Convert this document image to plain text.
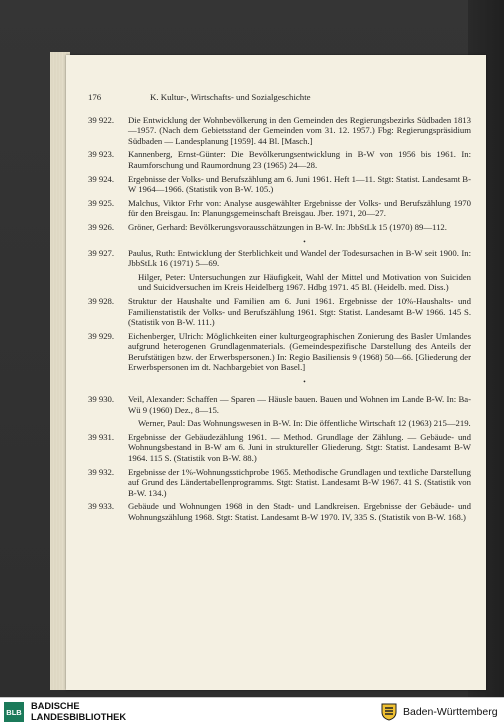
176	K. Kultur-, Wirtschafts- und Sozialgeschichte
39 922.	Die Entwicklung der Wohnbevölkerung in den Gemeinden des Regierungsbezirks Südbaden 1813—1957. (Nach dem Gebietsstand der Gemeinden vom 31. 12. 1957.) Fbg: Regierungspräsidium Südbaden — Landesplanung [1959]. 44 Bl. [Masch.]
39 923.	Kannenberg, Ernst-Günter: Die Bevölkerungsentwicklung in B-W von 1956 bis 1961. In: Raumforschung und Raumordnung 23 (1965) 24—28.
39 924.	Ergebnisse der Volks- und Berufszählung am 6. Juni 1961. Heft 1—11. Stgt: Statist. Landesamt B-W 1964—1966. (Statistik von B-W. 105.)
39 925.	Malchus, Viktor Frhr von: Analyse ausgewählter Ergebnisse der Volks- und Berufszählung 1970 für den Breisgau. In: Planungsgemeinschaft Breisgau. Jber. 1971, 20—27.
39 926.	Gröner, Gerhard: Bevölkerungsvorausschätzungen in B-W. In: JbbStLk 15 (1970) 89—112.
•
39 927.	Paulus, Ruth: Entwicklung der Sterblichkeit und Wandel der Todesursachen in B-W seit 1900. In: JbbStLk 16 (1971) 5—69.
Hilger, Peter: Untersuchungen zur Häufigkeit, Wahl der Mittel und Motivation von Suiciden und Suicidversuchen im Kreis Heidelberg 1967. Hdbg 1971. 45 Bl. (Heidelb. med. Diss.)
39 928.	Struktur der Haushalte und Familien am 6. Juni 1961. Ergebnisse der 10%-Haushalts- und Familienstatistik der Volks- und Berufszählung 1961. Stgt: Statist. Landesamt B-W 1966. 145 S. (Statistik von B-W. 111.)
39 929.	Eichenberger, Ulrich: Möglichkeiten einer kulturgeographischen Zonierung des Basler Umlandes aufgrund heterogenen Grundlagenmaterials. (Gemeindespezifische Darstellung des Anteils der Berufstätigen bzw. der Erwerbspersonen.) In: Regio Basiliensis 9 (1968) 50—66. [Gliederung der Erwerbspersonen im dt. Nachbargebiet von Basel.]
•
39 930.	Veil, Alexander: Schaffen — Sparen — Häusle bauen. Bauen und Wohnen im Lande B-W. In: Ba-Wü 9 (1960) Dez., 8—15.
Werner, Paul: Das Wohnungswesen in B-W. In: Die öffentliche Wirtschaft 12 (1963) 215—219.
39 931.	Ergebnisse der Gebäudezählung 1961. — Method. Grundlage der Zählung. — Gebäude- und Wohnungsbestand in B-W am 6. Juni in struktureller Gliederung. Stgt: Statist. Landesamt B-W 1964. 115 S. (Statistik von B-W. 88.)
39 932.	Ergebnisse der 1%-Wohnungsstichprobe 1965. Methodische Grundlagen und textliche Darstellung auf Grund des Ländertabellenprogramms. Stgt: Statist. Landesamt B-W 1967. 41 S. (Statistik von B-W. 134.)
39 933.	Gebäude und Wohnungen 1968 in den Stadt- und Landkreisen. Ergebnisse der Gebäude- und Wohnungszählung 1968. Stgt: Statist. Landesamt B-W 1970. IV, 335 S. (Statistik von B-W. 168.)
BLB
BADISCHE
LANDESBIBLIOTHEK	Baden-Württemberg
